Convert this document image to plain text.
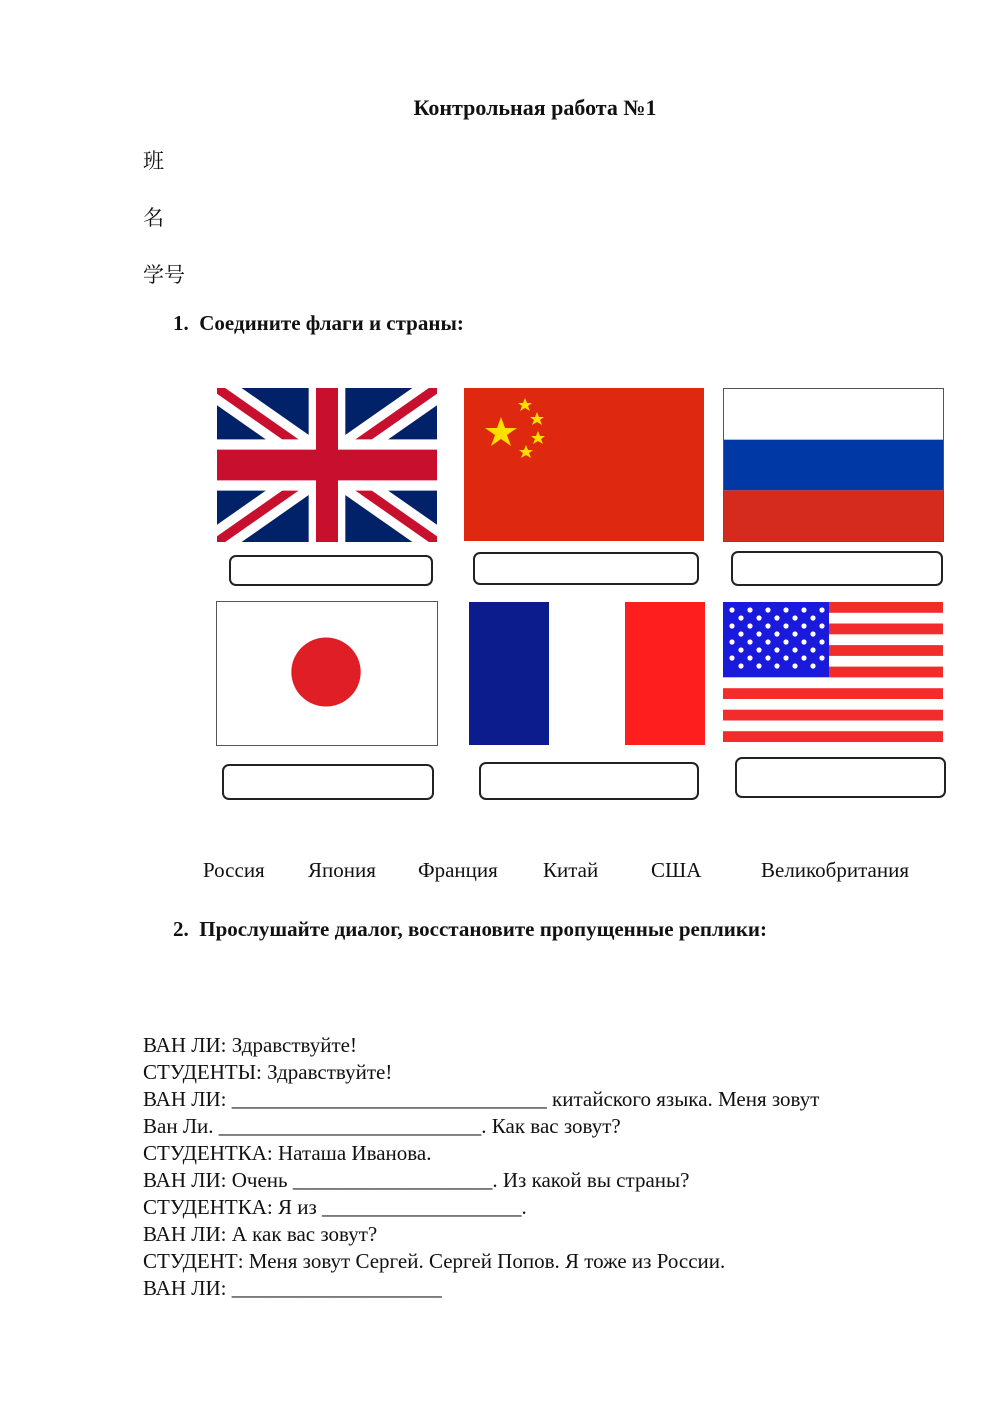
Контрольная работа №1
班
名
学号
1. Соедините флаги и страны:
Россия Япония Франция Китай	США	Великобритания
2. Прослушайте диалог, восстановите пропущенные реплики:
ВАН ЛИ: Здравствуйте!
СТУДЕНТЫ: Здравствуйте!
ВАН ЛИ: ______________________________ китайского языка. Меня зовут
Ван Ли. _________________________. Как вас зовут?
СТУДЕНТКА: Наташа Иванова.
ВАН ЛИ: Очень ___________________. Из какой вы страны?
СТУДЕНТКА: Я из ___________________.
ВАН ЛИ: А как вас зовут?
СТУДЕНТ: Меня зовут Сергей. Сергей Попов. Я тоже из России.
ВАН ЛИ: ____________________
